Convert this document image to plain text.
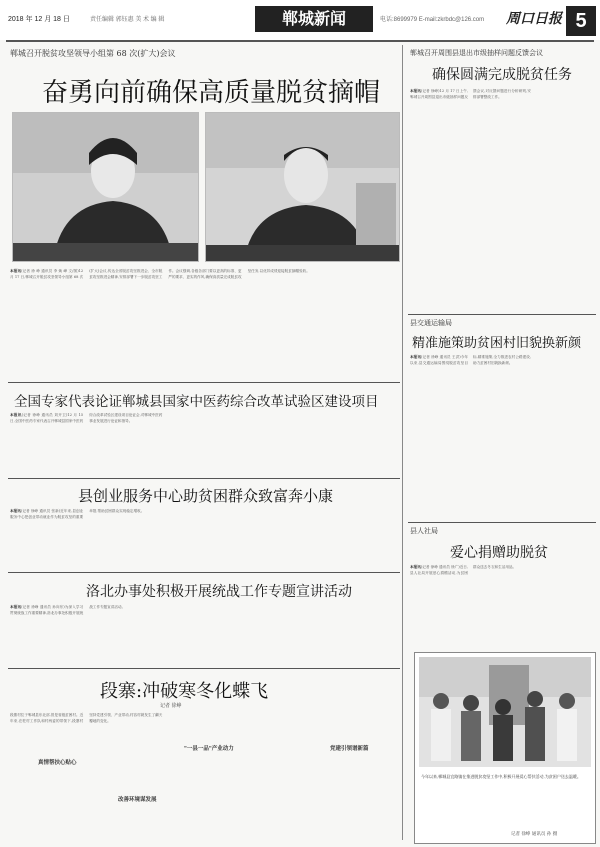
2018 年 12 月 18 日	责任编辑 郭钰惠 美 术 编 辑	郸城新闻	电话:8699979 E-mail:zkrbdc@126.com 周口日报 5
郸城召开脱贫攻坚领导小组第 68 次(扩大)会议
奋勇向前确保高质量脱贫摘帽
本报讯(记者 徐 峥 通讯员 李 焕 峰 文/图)12 月 17 日,郸城召开脱贫攻坚领导小组第 68 次(扩大)会议,传达全省脱贫攻坚推进会、全市脱贫攻坚推进会精神,安排部署下一步脱贫攻坚工作。会议强调,各级各部门要以更高的标准、更严的要求、更实的作风,确保高质量完成脱贫攻坚任务,以优异成绩迎接脱贫摘帽验收。
全国专家代表论证郸城县国家中医药综合改革试验区建设项目
本报讯(记者 徐峥 通讯员 刘开卫)12 月 15 日,全国中医药专家代表召开郸城县国家中医药综合改革试验区建设项目论证会,对郸城中医药事业发展进行论证和指导。
县创业服务中心助贫困群众致富奔小康
本报讯(记者 徐峥 通讯员 张新)近年来,县创业服务中心把创业带动就业作为脱贫攻坚的重要举措,帮助贫困群众实现稳定增收。
洛北办事处积极开展统战工作专题宣讲活动
本报讯(记者 徐峥 通讯员 孙向东)为深入学习贯彻统战工作重要精神,洛北办事处积极开展统战工作专题宣讲活动。
段寨:冲破寒冬化蝶飞
记者 徐峥
段寨村位于郸城县东北部,曾是省级贫困村。近年来,在驻村工作队和村两委的带领下,段寨村坚持党建引领、产业带动,村容村貌发生了翻天覆地的变化。
真情帮扶心贴心
改善环境谋发展
"一县一品"产业动力	党建引领谱新篇
郸城召开周围县退出市级抽样问题反馈会议
确保圆满完成脱贫任务
本报讯(记者 徐峥)12 月 17 日上午,郸城召开周围县退出市级抽样问题反馈会议,对反馈问题进行分析研判,安排部署整改工作。
县交通运输局
精准施策助贫困村旧貌换新颜
本报讯(记者 徐峥 通讯员 王洪)今年以来,县交通运输局围绕脱贫攻坚目标,精准施策,全力推进农村公路建设,助力贫困村旧貌换新颜。
县人社局
爱心捐赠助脱贫
本报讯(记者 徐峥 通讯员 徐广)近日,县人社局开展爱心捐赠活动,为贫困群众送去冬衣和生活用品。
今年以来,郸城县宜路镇在推进脱贫攻坚工作中,积极开展爱心帮扶活动,为贫困户送去温暖。
记者 徐峥 通讯员 孙 摄
